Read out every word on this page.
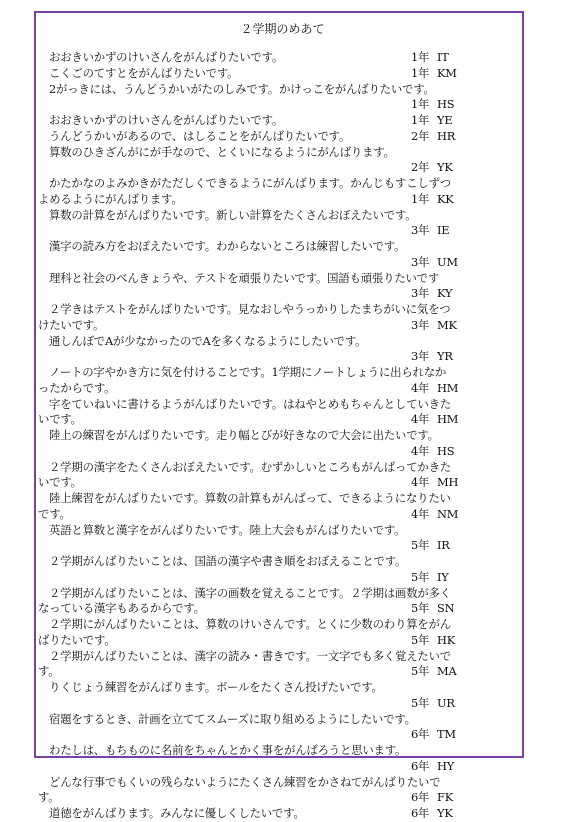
２学期のめあて
おおきいかずのけいさんをがんばりたいです。	1年 IT
こくごのてすとをがんばりたいです。	1年 KM
2がっきには、うんどうかいがたのしみです。かけっこをがんばりたいです。
1年 HS
おおきいかずのけいさんをがんばりたいです。	1年 YE
うんどうかいがあるので、はしることをがんばりたいです。	2年 HR
算数のひきざんがにが手なので、とくいになるようにがんばります。
2年 YK
かたかなのよみかきがただしくできるようにがんばります。かんじもすこしずつ
よめるようにがんばります。	1年 KK
算数の計算をがんばりたいです。新しい計算をたくさんおぼえたいです。
3年 IE
漢字の読み方をおぼえたいです。わからないところは練習したいです。
3年 UM
理科と社会のべんきょうや、テストを頑張りたいです。国語も頑張りたいです
3年 KY
２学きはテストをがんばりたいです。見なおしやうっかりしたまちがいに気をつ
けたいです。	3年 MK
通しんぼでAが少なかったのでAを多くなるようにしたいです。
3年 YR
ノートの字やかき方に気を付けることです。1学期にノートしょうに出られなか
ったからです。	4年 HM
字をていねいに書けるようがんばりたいです。はねやとめもちゃんとしていきた
いです。	4年 HM
陸上の練習をがんばりたいです。走り幅とびが好きなので大会に出たいです。
4年 HS
２学期の漢字をたくさんおぼえたいです。むずかしいところもがんばってかきた
いです。	4年 MH
陸上練習をがんばりたいです。算数の計算もがんばって、できるようになりたい
です。	4年 NM
英語と算数と漢字をがんばりたいです。陸上大会もがんばりたいです。
5年 IR
２学期がんばりたいことは、国語の漢字や書き順をおぼえることです。
5年 IY
２学期がんばりたいことは、漢字の画数を覚えることです。２学期は画数が多く
なっている漢字もあるからです。	5年 SN
２学期にがんばりたいことは、算数のけいさんです。とくに少数のわり算をがん
ばりたいです。	5年 HK
２学期がんばりたいことは、漢字の読み・書きです。一文字でも多く覚えたいで
す。	5年 MA
りくじょう練習をがんばります。ボールをたくさん投げたいです。
5年 UR
宿題をするとき、計画を立ててスムーズに取り組めるようにしたいです。
6年 TM
わたしは、もちものに名前をちゃんとかく事をがんばろうと思います。
6年 HY
どんな行事でもくいの残らないようにたくさん練習をかさねてがんばりたいで
す。	6年 FK
道徳をがんばります。みんなに優しくしたいです。	6年 YK
